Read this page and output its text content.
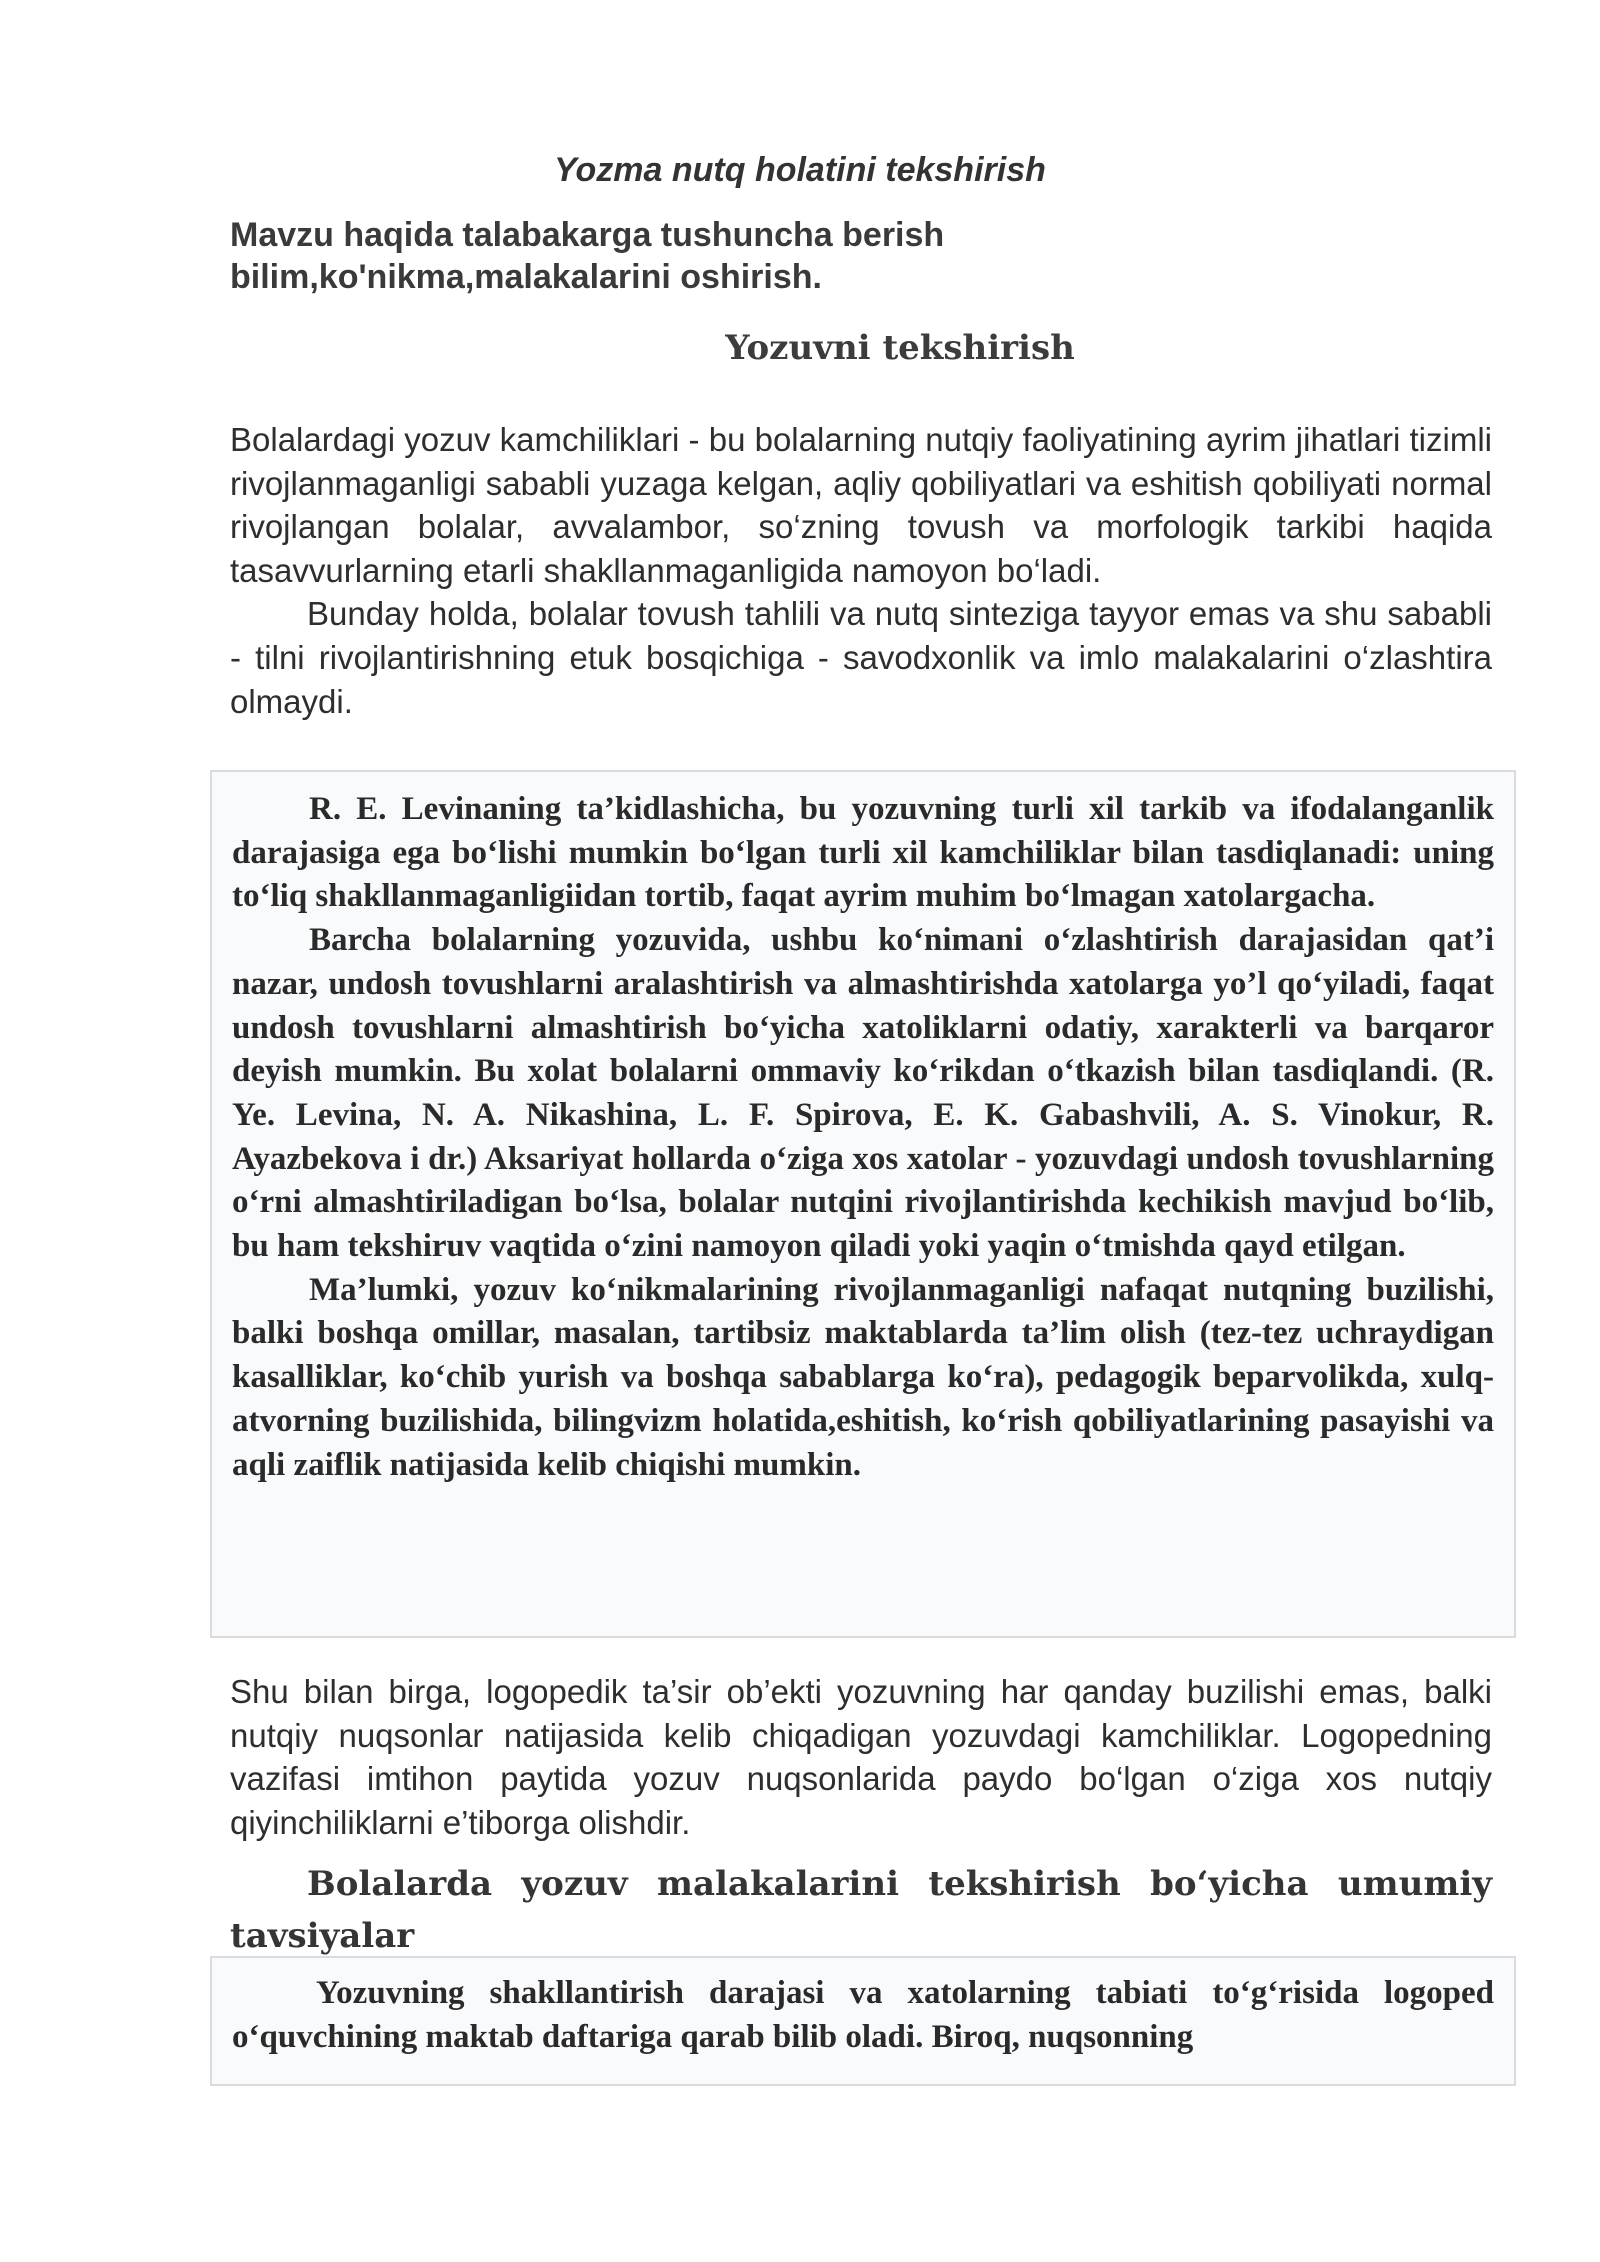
Yozma nutq holatini tekshirish

Mavzu haqida talabakarga tushuncha berish bilim,ko'nikma,malakalarini oshirish.

Yozuvni tekshirish

Bolalardagi yozuv kamchiliklari - bu bolalarning nutqiy faoliyatining ayrim jihatlari tizimli rivojlanmaganligi sababli yuzaga kelgan, aqliy qobiliyatlari va eshitish qobiliyati normal rivojlangan bolalar, avvalambor, so‘zning tovush va morfologik tarkibi haqida tasavvurlarning etarli shakllanmaganligida namoyon bo‘ladi.

Bunday holda, bolalar tovush tahlili va nutq sinteziga tayyor emas va shu sababli - tilni rivojlantirishning etuk bosqichiga - savodxonlik va imlo malakalarini o‘zlashtira olmaydi.

R. E. Levinaning ta’kidlashicha, bu yozuvning turli xil tarkib va ifodalanganlik darajasiga ega bo‘lishi mumkin bo‘lgan turli xil kamchiliklar bilan tasdiqlanadi: uning to‘liq shakllanmaganligiidan tortib, faqat ayrim muhim bo‘lmagan xatolargacha.

Barcha bolalarning yozuvida, ushbu ko‘nimani o‘zlashtirish darajasidan qat’i nazar, undosh tovushlarni aralashtirish va almashtirishda xatolarga yo’l qo‘yiladi, faqat undosh tovushlarni almashtirish bo‘yicha xatoliklarni odatiy, xarakterli va barqaror deyish mumkin. Bu xolat bolalarni ommaviy ko‘rikdan o‘tkazish bilan tasdiqlandi. (R. Ye. Levina, N. A. Nikashina, L. F. Spirova, E. K. Gabashvili, A. S. Vinokur, R. Ayazbekova i dr.) Aksariyat hollarda o‘ziga xos xatolar - yozuvdagi undosh tovushlarning o‘rni almashtiriladigan bo‘lsa, bolalar nutqini rivojlantirishda kechikish mavjud bo‘lib, bu ham tekshiruv vaqtida o‘zini namoyon qiladi yoki yaqin o‘tmishda qayd etilgan.

Ma’lumki, yozuv ko‘nikmalarining rivojlanmaganligi nafaqat nutqning buzilishi, balki boshqa omillar, masalan, tartibsiz maktablarda ta’lim olish (tez-tez uchraydigan kasalliklar, ko‘chib yurish va boshqa sabablarga ko‘ra), pedagogik beparvolikda, xulq-atvorning buzilishida, bilingvizm holatida,eshitish, ko‘rish qobiliyatlarining pasayishi va aqli zaiflik natijasida kelib chiqishi mumkin.

Shu bilan birga, logopedik ta’sir ob’ekti yozuvning har qanday buzilishi emas, balki nutqiy nuqsonlar natijasida kelib chiqadigan yozuvdagi kamchiliklar. Logopedning vazifasi imtihon paytida yozuv nuqsonlarida paydo bo‘lgan o‘ziga xos nutqiy qiyinchiliklarni e’tiborga olishdir.

Bolalarda yozuv malakalarini tekshirish bo‘yicha umumiy tavsiyalar

Yozuvning shakllantirish darajasi va xatolarning tabiati to‘g‘risida logoped o‘quvchining maktab daftariga qarab bilib oladi. Biroq, nuqsonning
